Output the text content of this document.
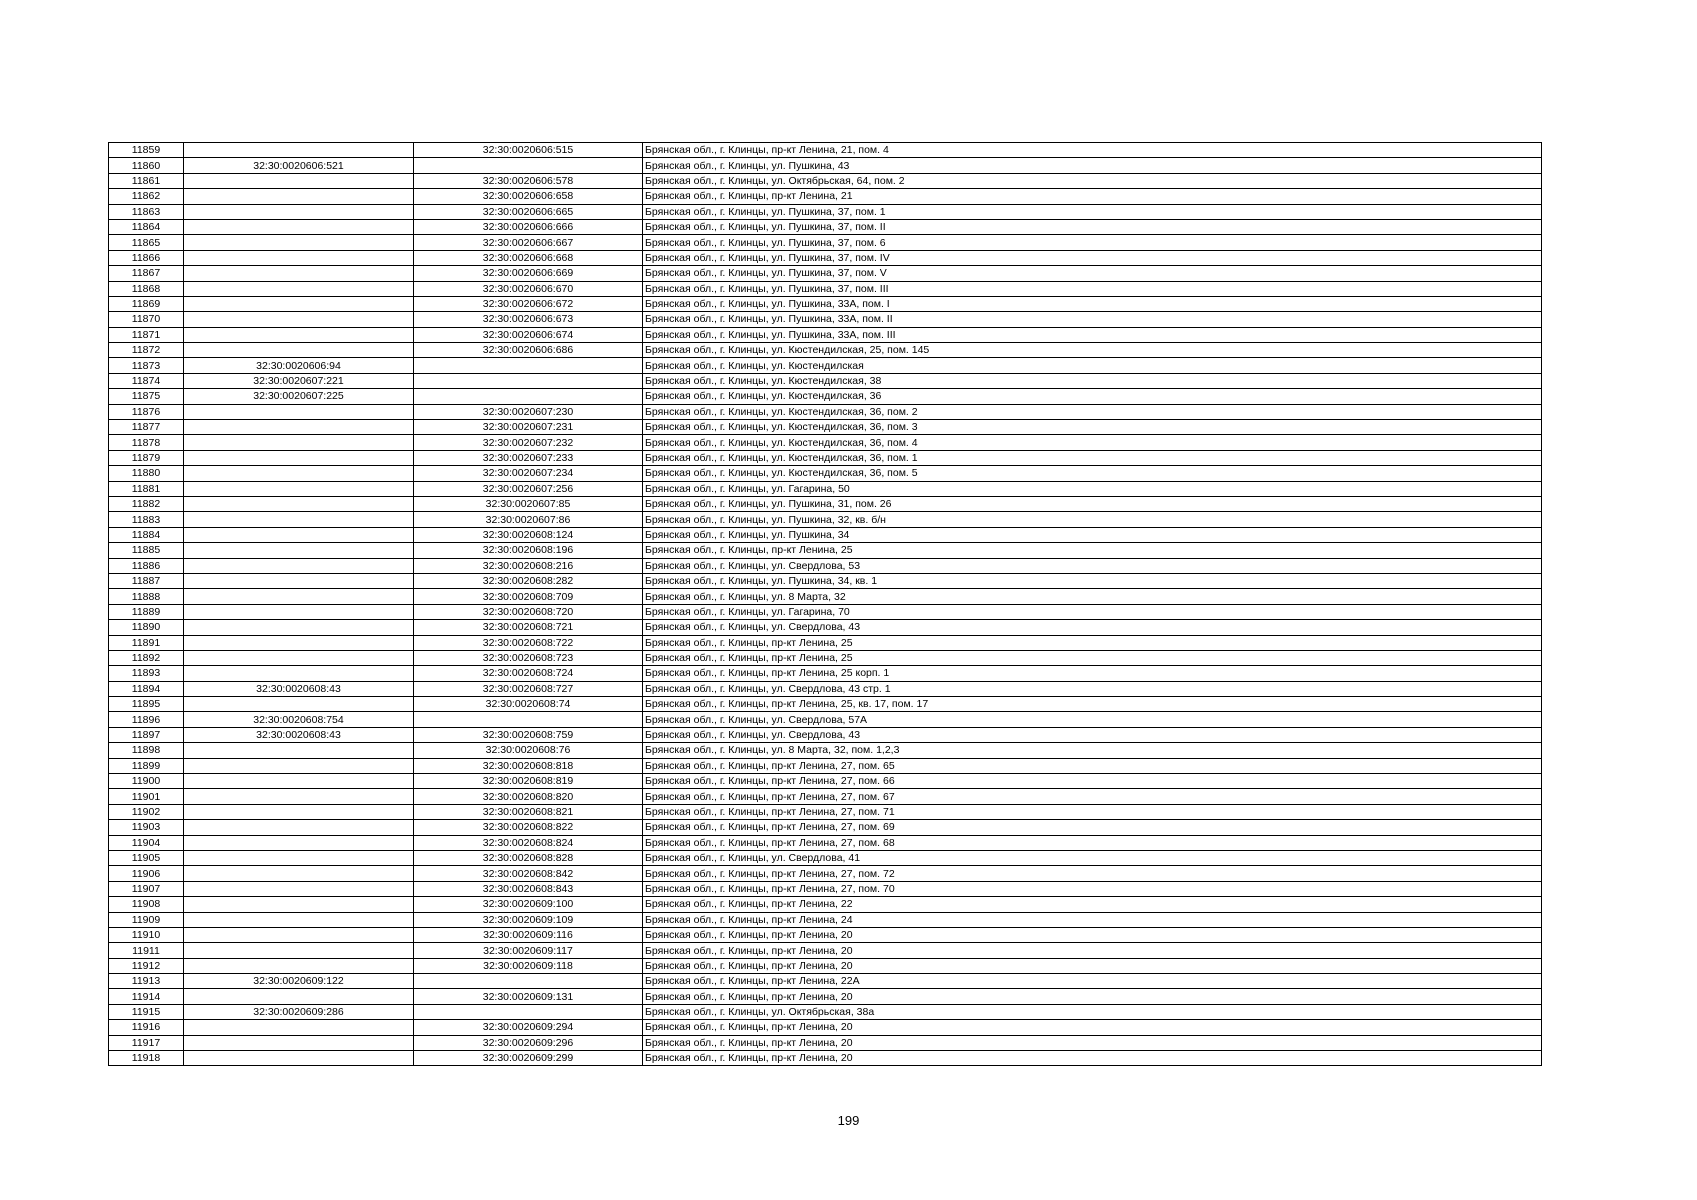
11859		32:30:0020606:515	Брянская обл., г. Клинцы, пр-кт Ленина, 21, пом. 4
11860	32:30:0020606:521		Брянская обл., г. Клинцы, ул. Пушкина, 43
11861		32:30:0020606:578	Брянская обл., г. Клинцы, ул. Октябрьская, 64, пом. 2
11862		32:30:0020606:658	Брянская обл., г. Клинцы, пр-кт Ленина, 21
11863		32:30:0020606:665	Брянская обл., г. Клинцы, ул. Пушкина, 37, пом. 1
11864		32:30:0020606:666	Брянская обл., г. Клинцы, ул. Пушкина, 37, пом. II
11865		32:30:0020606:667	Брянская обл., г. Клинцы, ул. Пушкина, 37, пом. 6
11866		32:30:0020606:668	Брянская обл., г. Клинцы, ул. Пушкина, 37, пом. IV
11867		32:30:0020606:669	Брянская обл., г. Клинцы, ул. Пушкина, 37, пом. V
11868		32:30:0020606:670	Брянская обл., г. Клинцы, ул. Пушкина, 37, пом. III
11869		32:30:0020606:672	Брянская обл., г. Клинцы, ул. Пушкина, 33А, пом. I
11870		32:30:0020606:673	Брянская обл., г. Клинцы, ул. Пушкина, 33А, пом. II
11871		32:30:0020606:674	Брянская обл., г. Клинцы, ул. Пушкина, 33А, пом. III
11872		32:30:0020606:686	Брянская обл., г. Клинцы, ул. Кюстендилская, 25, пом. 145
11873	32:30:0020606:94		Брянская обл., г. Клинцы, ул. Кюстендилская
11874	32:30:0020607:221		Брянская обл., г. Клинцы, ул. Кюстендилская, 38
11875	32:30:0020607:225		Брянская обл., г. Клинцы, ул. Кюстендилская, 36
11876		32:30:0020607:230	Брянская обл., г. Клинцы, ул. Кюстендилская, 36, пом. 2
11877		32:30:0020607:231	Брянская обл., г. Клинцы, ул. Кюстендилская, 36, пом. 3
11878		32:30:0020607:232	Брянская обл., г. Клинцы, ул. Кюстендилская, 36, пом. 4
11879		32:30:0020607:233	Брянская обл., г. Клинцы, ул. Кюстендилская, 36, пом. 1
11880		32:30:0020607:234	Брянская обл., г. Клинцы, ул. Кюстендилская, 36, пом. 5
11881		32:30:0020607:256	Брянская обл., г. Клинцы, ул. Гагарина, 50
11882		32:30:0020607:85	Брянская обл., г. Клинцы, ул. Пушкина, 31, пом. 26
11883		32:30:0020607:86	Брянская обл., г. Клинцы, ул. Пушкина, 32, кв. б/н
11884		32:30:0020608:124	Брянская обл., г. Клинцы, ул. Пушкина, 34
11885		32:30:0020608:196	Брянская обл., г. Клинцы, пр-кт Ленина, 25
11886		32:30:0020608:216	Брянская обл., г. Клинцы, ул. Свердлова, 53
11887		32:30:0020608:282	Брянская обл., г. Клинцы, ул. Пушкина, 34, кв. 1
11888		32:30:0020608:709	Брянская обл., г. Клинцы, ул. 8 Марта, 32
11889		32:30:0020608:720	Брянская обл., г. Клинцы, ул. Гагарина, 70
11890		32:30:0020608:721	Брянская обл., г. Клинцы, ул. Свердлова, 43
11891		32:30:0020608:722	Брянская обл., г. Клинцы, пр-кт Ленина, 25
11892		32:30:0020608:723	Брянская обл., г. Клинцы, пр-кт Ленина, 25
11893		32:30:0020608:724	Брянская обл., г. Клинцы, пр-кт Ленина, 25 корп. 1
11894	32:30:0020608:43	32:30:0020608:727	Брянская обл., г. Клинцы, ул. Свердлова, 43 стр. 1
11895		32:30:0020608:74	Брянская обл., г. Клинцы, пр-кт Ленина, 25, кв. 17, пом. 17
11896	32:30:0020608:754		Брянская обл., г. Клинцы, ул. Свердлова, 57А
11897	32:30:0020608:43	32:30:0020608:759	Брянская обл., г. Клинцы, ул. Свердлова, 43
11898		32:30:0020608:76	Брянская обл., г. Клинцы, ул. 8 Марта, 32, пом. 1,2,3
11899		32:30:0020608:818	Брянская обл., г. Клинцы, пр-кт Ленина, 27, пом. 65
11900		32:30:0020608:819	Брянская обл., г. Клинцы, пр-кт Ленина, 27, пом. 66
11901		32:30:0020608:820	Брянская обл., г. Клинцы, пр-кт Ленина, 27, пом. 67
11902		32:30:0020608:821	Брянская обл., г. Клинцы, пр-кт Ленина, 27, пом. 71
11903		32:30:0020608:822	Брянская обл., г. Клинцы, пр-кт Ленина, 27, пом. 69
11904		32:30:0020608:824	Брянская обл., г. Клинцы, пр-кт Ленина, 27, пом. 68
11905		32:30:0020608:828	Брянская обл., г. Клинцы, ул. Свердлова, 41
11906		32:30:0020608:842	Брянская обл., г. Клинцы, пр-кт Ленина, 27, пом. 72
11907		32:30:0020608:843	Брянская обл., г. Клинцы, пр-кт Ленина, 27, пом. 70
11908		32:30:0020609:100	Брянская обл., г. Клинцы, пр-кт Ленина, 22
11909		32:30:0020609:109	Брянская обл., г. Клинцы, пр-кт Ленина, 24
11910		32:30:0020609:116	Брянская обл., г. Клинцы, пр-кт Ленина, 20
11911		32:30:0020609:117	Брянская обл., г. Клинцы, пр-кт Ленина, 20
11912		32:30:0020609:118	Брянская обл., г. Клинцы, пр-кт Ленина, 20
11913	32:30:0020609:122		Брянская обл., г. Клинцы, пр-кт Ленина, 22А
11914		32:30:0020609:131	Брянская обл., г. Клинцы, пр-кт Ленина, 20
11915	32:30:0020609:286		Брянская обл., г. Клинцы, ул. Октябрьская, 38а
11916		32:30:0020609:294	Брянская обл., г. Клинцы, пр-кт Ленина, 20
11917		32:30:0020609:296	Брянская обл., г. Клинцы, пр-кт Ленина, 20
11918		32:30:0020609:299	Брянская обл., г. Клинцы, пр-кт Ленина, 20
199
